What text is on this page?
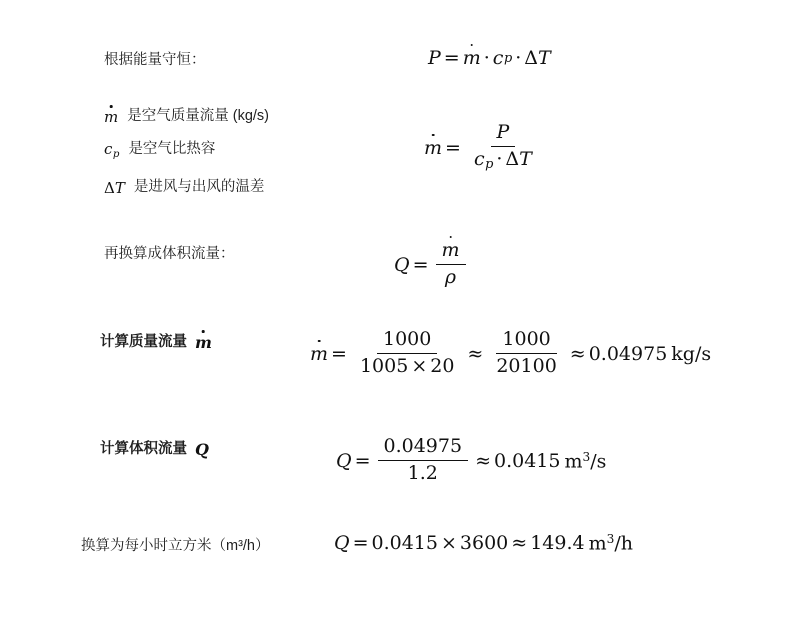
根据能量守恒：	P = m · c p · Δ T
m 是空气质量流量 (kg/s)
$c_p$ 是空气比热容
ΔT 是进风与出风的温差
$m = \frac{P}{c_p \cdot \Delta T}$
再换算成体积流量：
$Q = \frac{m}{\rho}$
计算质量流量 m
$m = \frac{1000}{1005 \times 20} \approx \frac{1000}{20100} \approx 0.04975$ kg/s
计算体积流量 Q
$Q = \frac{0.04975}{1.2} \approx 0.0415$ $m^3/s$
换算为每小时立方米（m³/h）	Q = 0.0415 × 3600 ≈ 149.4 $m^3/h$
